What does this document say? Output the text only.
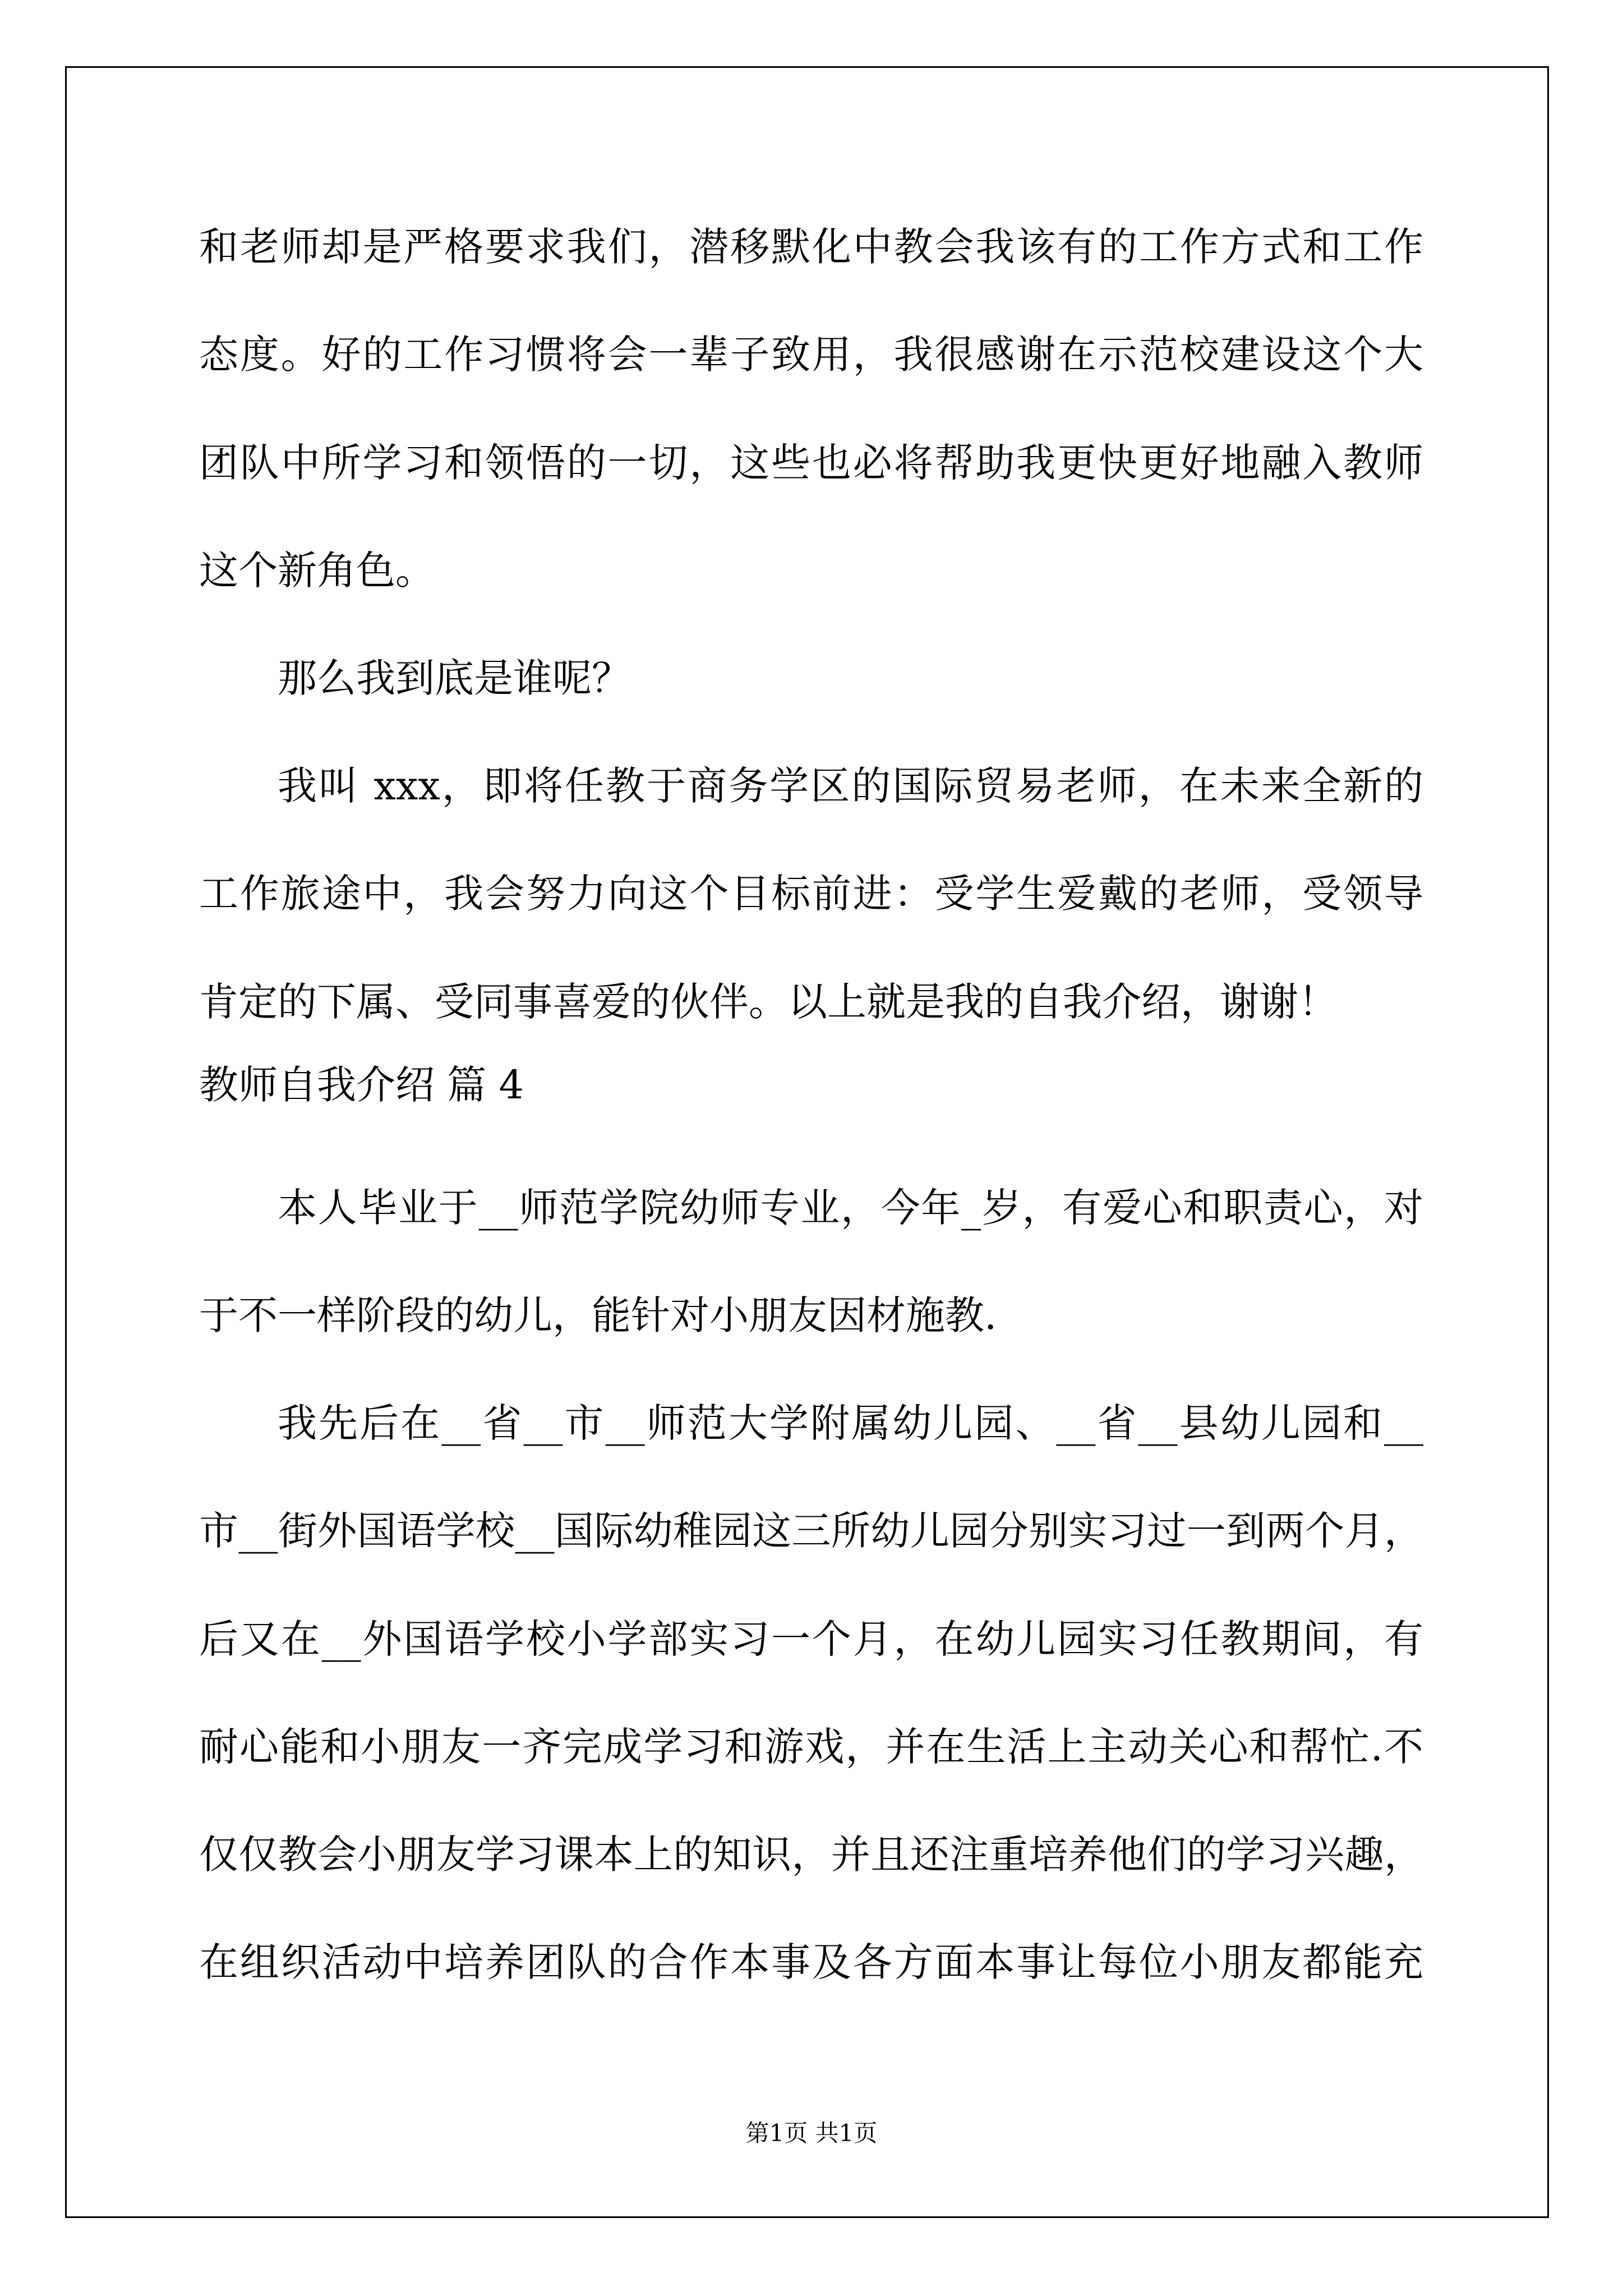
和老师却是严格要求我们，潜移默化中教会我该有的工作方式和工作
态度。好的工作习惯将会一辈子致用，我很感谢在示范校建设这个大
团队中所学习和领悟的一切，这些也必将帮助我更快更好地融入教师
这个新角色。
那么我到底是谁呢？
我叫 xxx，即将任教于商务学区的国际贸易老师，在未来全新的
工作旅途中，我会努力向这个目标前进：受学生爱戴的老师，受领导
肯定的下属、受同事喜爱的伙伴。以上就是我的自我介绍，谢谢！
教师自我介绍 篇 4
本人毕业于__师范学院幼师专业，今年_岁，有爱心和职责心，对
于不一样阶段的幼儿，能针对小朋友因材施教.
我先后在__省__市__师范大学附属幼儿园、__省__县幼儿园和__
市__街外国语学校__国际幼稚园这三所幼儿园分别实习过一到两个月，
后又在__外国语学校小学部实习一个月，在幼儿园实习任教期间，有
耐心能和小朋友一齐完成学习和游戏，并在生活上主动关心和帮忙.不
仅仅教会小朋友学习课本上的知识，并且还注重培养他们的学习兴趣，
在组织活动中培养团队的合作本事及各方面本事让每位小朋友都能充
第1页 共1页
